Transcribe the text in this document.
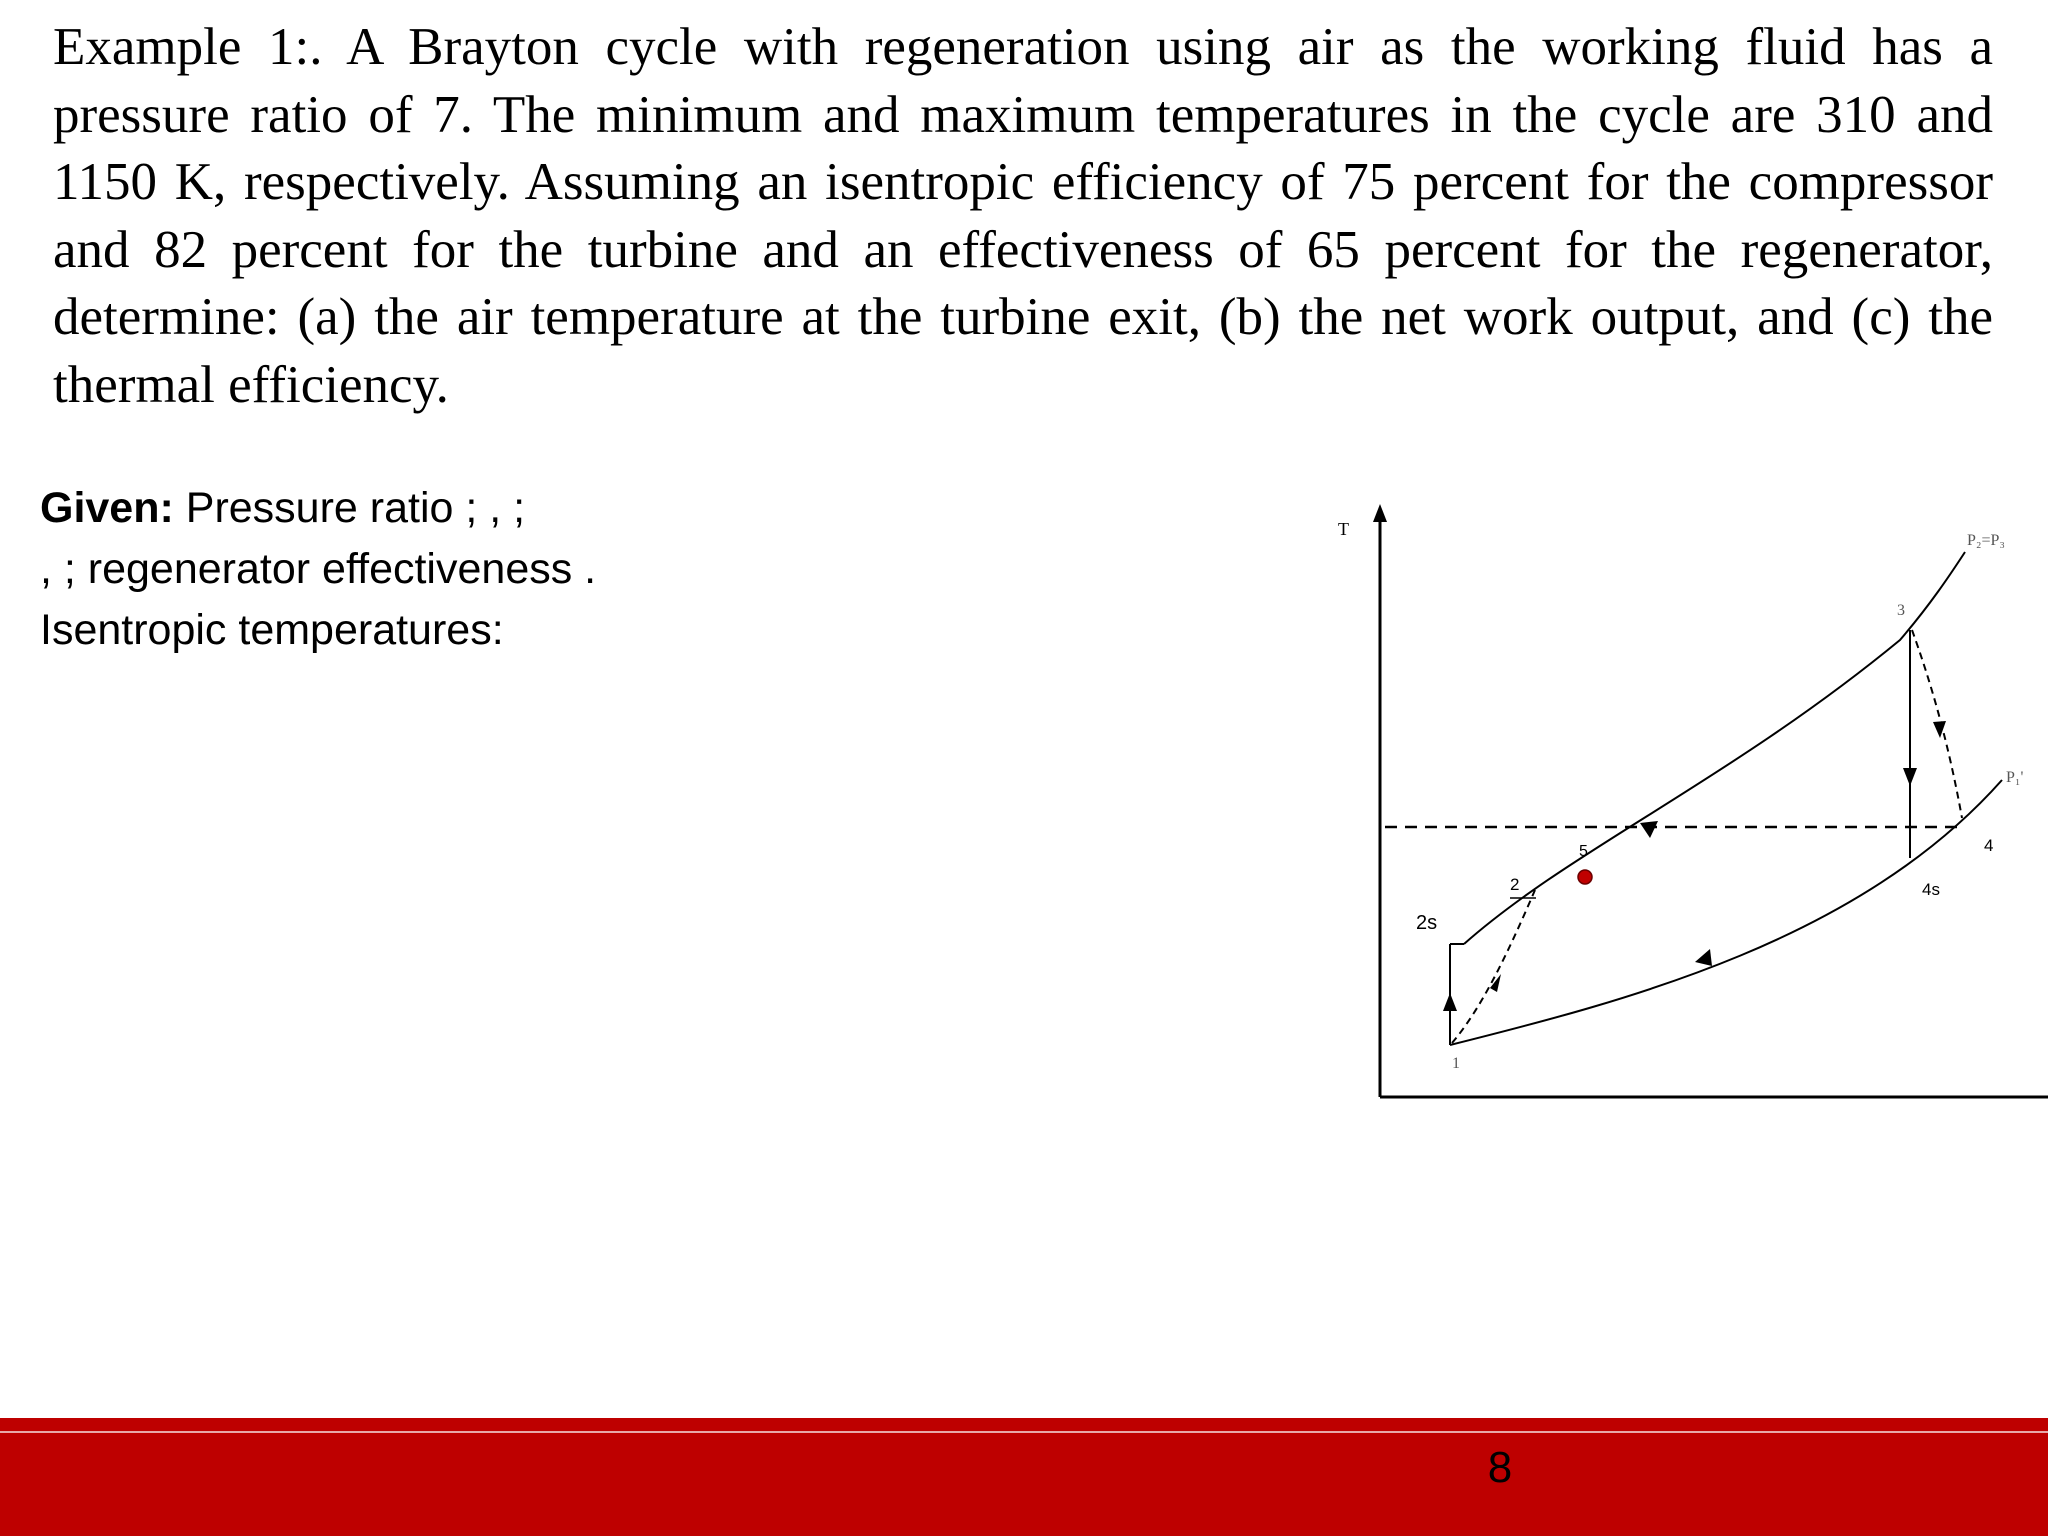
Example 1:. A Brayton cycle with regeneration using air as the working fluid has a pressure ratio of 7. The minimum and maximum temperatures in the cycle are 310 and 1150 K, respectively. Assuming an isentropic efficiency of 75 percent for the compressor and 82 percent for the turbine and an effectiveness of 65 percent for the regenerator, determine: (a) the air temperature at the turbine exit, (b) the net work output, and (c) the thermal efficiency.

Given: Pressure ratio ; , ;

, ; regenerator effectiveness .

Isentropic temperatures:

T
P₂=P₃
P₁'
1
2
2s
3
4
4s
5
8
